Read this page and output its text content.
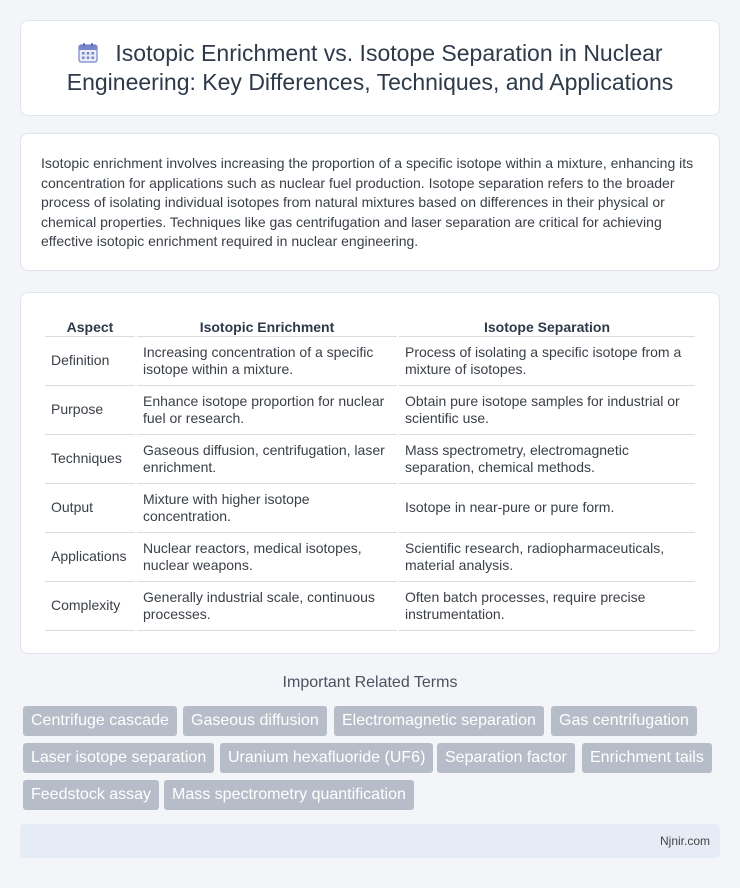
Isotopic Enrichment vs. Isotope Separation in Nuclear Engineering: Key Differences, Techniques, and Applications

Isotopic enrichment involves increasing the proportion of a specific isotope within a mixture, enhancing its concentration for applications such as nuclear fuel production. Isotope separation refers to the broader process of isolating individual isotopes from natural mixtures based on differences in their physical or chemical properties. Techniques like gas centrifugation and laser separation are critical for achieving effective isotopic enrichment required in nuclear engineering.

Aspect	Isotopic Enrichment	Isotope Separation
Definition	Increasing concentration of a specific isotope within a mixture.	Process of isolating a specific isotope from a mixture of isotopes.
Purpose	Enhance isotope proportion for nuclear fuel or research.	Obtain pure isotope samples for industrial or scientific use.
Techniques	Gaseous diffusion, centrifugation, laser enrichment.	Mass spectrometry, electromagnetic separation, chemical methods.
Output	Mixture with higher isotope concentration.	Isotope in near-pure or pure form.
Applications	Nuclear reactors, medical isotopes, nuclear weapons.	Scientific research, radiopharmaceuticals, material analysis.
Complexity	Generally industrial scale, continuous processes.	Often batch processes, require precise instrumentation.
Important Related Terms
Centrifuge cascade	Gaseous diffusion	Electromagnetic separation	Gas centrifugation
Laser isotope separation	Uranium hexafluoride (UF6)	Separation factor	Enrichment tails
Feedstock assay	Mass spectrometry quantification
Njnir.com
